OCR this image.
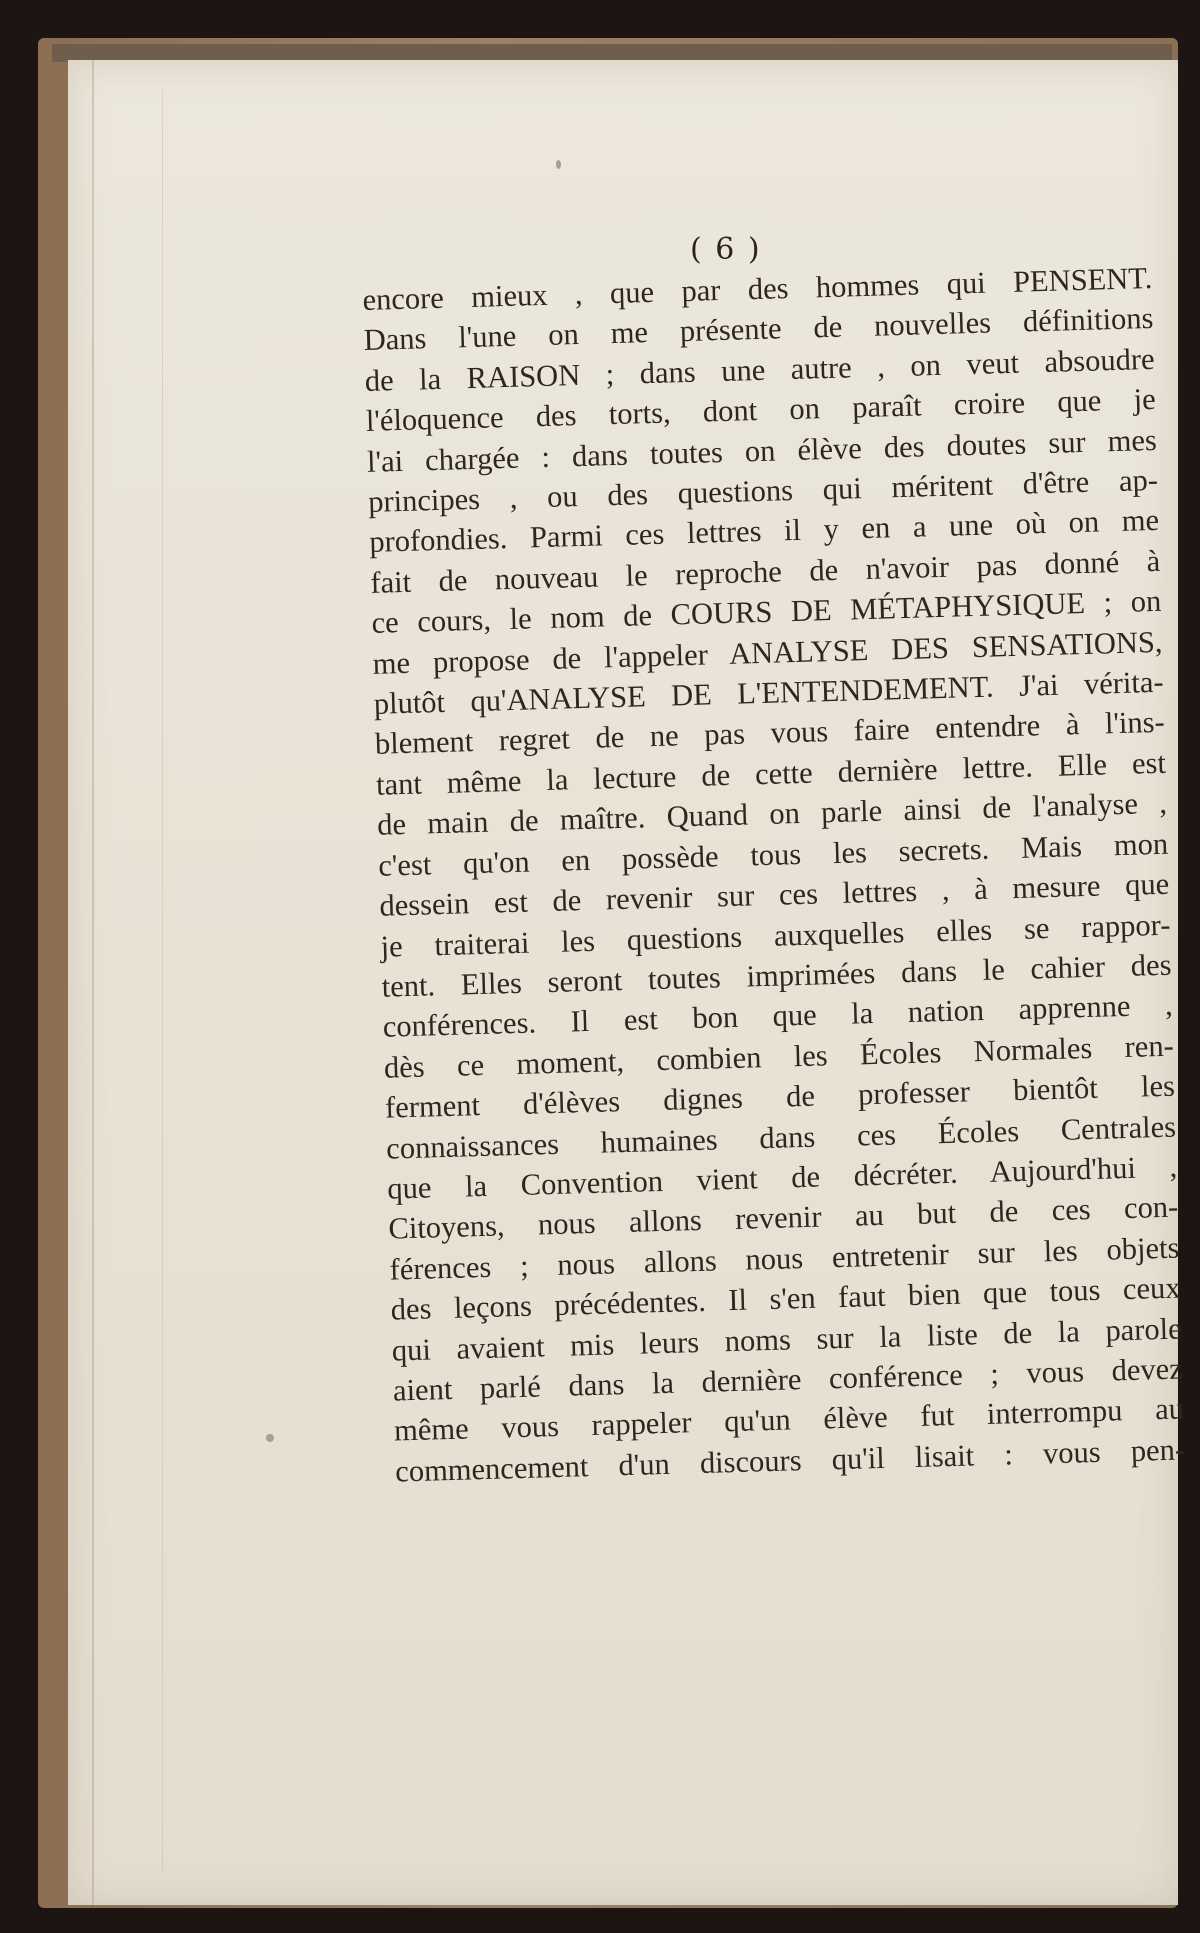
( 6 )
encore mieux , que par des hommes qui PENSENT.
Dans l'une on me présente de nouvelles définitions
de la RAISON ; dans une autre , on veut absoudre
l'éloquence des torts, dont on paraît croire que je
l'ai chargée : dans toutes on élève des doutes sur mes
principes , ou des questions qui méritent d'être ap-
profondies. Parmi ces lettres il y en a une où on me
fait de nouveau le reproche de n'avoir pas donné à
ce cours, le nom de COURS DE MÉTAPHYSIQUE ; on
me propose de l'appeler ANALYSE DES SENSATIONS,
plutôt qu'ANALYSE DE L'ENTENDEMENT. J'ai vérita-
blement regret de ne pas vous faire entendre à l'ins-
tant même la lecture de cette dernière lettre. Elle est
de main de maître. Quand on parle ainsi de l'analyse ,
c'est qu'on en possède tous les secrets. Mais mon
dessein est de revenir sur ces lettres , à mesure que
je traiterai les questions auxquelles elles se rappor-
tent. Elles seront toutes imprimées dans le cahier des
conférences. Il est bon que la nation apprenne ,
dès ce moment, combien les Écoles Normales ren-
ferment d'élèves dignes de professer bientôt les
connaissances humaines dans ces Écoles Centrales
que la Convention vient de décréter. Aujourd'hui ,
Citoyens, nous allons revenir au but de ces con-
férences ; nous allons nous entretenir sur les objets
des leçons précédentes. Il s'en faut bien que tous ceux
qui avaient mis leurs noms sur la liste de la parole
aient parlé dans la dernière conférence ; vous devez
même vous rappeler qu'un élève fut interrompu au
commencement d'un discours qu'il lisait : vous pen-
